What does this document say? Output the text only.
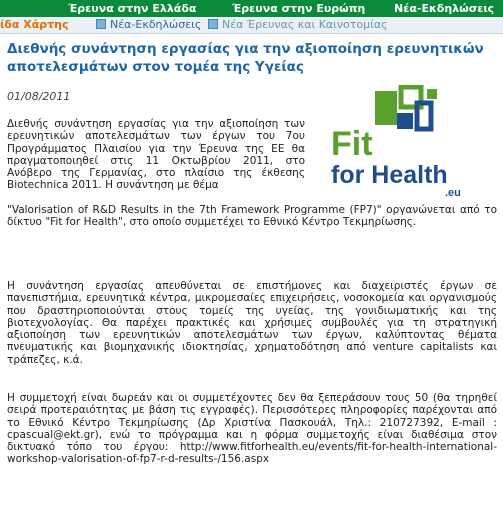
Έρευνα στην Ελλάδα	Έρευνα στην Ευρώπη	Νέα-Εκδηλώσεις
ίδα Χάρτης	Νέα-Εκδηλώσεις	Νέα Έρευνας και Καινοτομίας
Διεθνής συνάντηση εργασίας για την αξιοποίηση ερευνητικών αποτελεσμάτων στον τομέα της Υγείας
01/08/2011
Fit
for Health
.eu
Διεθνής συνάντηση εργασίας για την αξιοποίηση των ερευνητικών αποτελεσμάτων των έργων του 7ου Προγράμματος Πλαισίου για την Έρευνα της ΕΕ θα πραγματοποιηθεί στις 11 Οκτωβρίου 2011, στο Ανόβερο της Γερμανίας, στο πλαίσιο της έκθεσης Biotechnica 2011. Η συνάντηση με θέμα
"Valorisation of R&D Results in the 7th Framework Programme (FP7)" οργανώνεται από το δίκτυο "Fit for Health", στο οποίο συμμετέχει το Εθνικό Κέντρο Τεκμηρίωσης.
Η συνάντηση εργασίας απευθύνεται σε επιστήμονες και διαχειριστές έργων σε πανεπιστήμια, ερευνητικά κέντρα, μικρομεσαίες επιχειρήσεις, νοσοκομεία και οργανισμούς που δραστηριοποιούνται στους τομείς της υγείας, της γονιδιωματικής και της βιοτεχνολογίας. Θα παρέχει πρακτικές και χρήσιμες συμβουλές για τη στρατηγική αξιοποίηση των ερευνητικών αποτελεσμάτων των έργων, καλύπτοντας θέματα πνευματικής και βιομηχανικής ιδιοκτησίας, χρηματοδότηση από venture capitalists και τράπεζες, κ.ά.
Η συμμετοχή είναι δωρεάν και οι συμμετέχοντες δεν θα ξεπεράσουν τους 50 (θα τηρηθεί σειρά προτεραιότητας με βάση τις εγγραφές). Περισσότερες πληροφορίες παρέχονται από το Εθνικό Κέντρο Τεκμηρίωσης (Δρ Χριστίνα Πασκουάλ, Τηλ.: 210727392, E-mail : cpascual@ekt.gr), ενώ το πρόγραμμα και η φόρμα συμμετοχής είναι διαθέσιμα στον δικτυακό τόπο του έργου: http://www.fitforhealth.eu/events/fit-for-health-international-workshop-valorisation-of-fp7-r-d-results-/156.aspx
